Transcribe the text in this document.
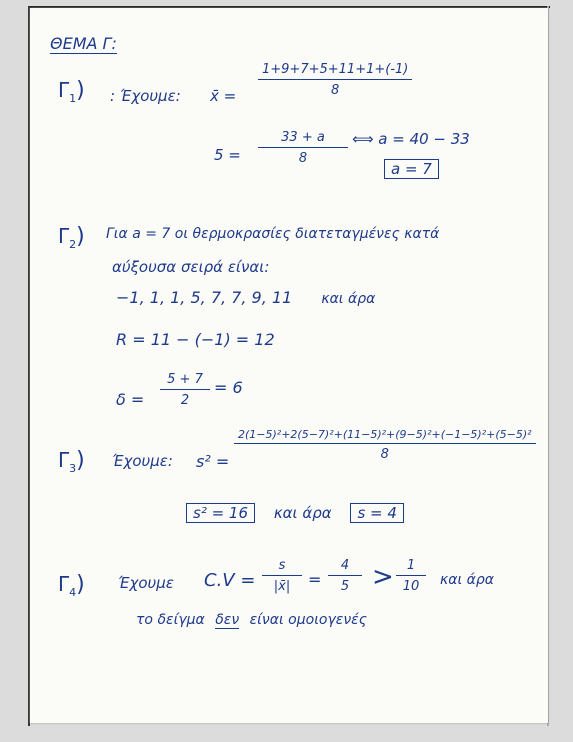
ΘΕΜΑ Γ:
$\Gamma_1$) : Έχουμε: x̄ = $\frac{1+9+7+5+11+1+(-1)}{8}$
$5 = \frac{33 + a}{8}$ ⟺ a = 40 − 33
a = 7
$\Gamma_2$) Για a = 7 οι θερμοκρασίες διατεταγμένες κατά
αύξουσα σειρά είναι:
−1, 1, 1, 5, 7, 7, 9, 11 και άρα
R = 11 − (−1) = 12
$\delta = \frac{5 + 7}{2} = 6$
$\Gamma_3$) Έχουμε: s² =
2(1−5)²+2(5−7)²+(11−5)²+(9−5)²+(−1−5)²+(5−5)²
8
s² = 16 και άρα s = 4
$\Gamma_4$) Έχουμε $C.V = \frac{s}{|x̄|} = \frac{4}{5} > \frac{1}{10}$ και άρα
το δείγμα δεν είναι ομοιογενές
